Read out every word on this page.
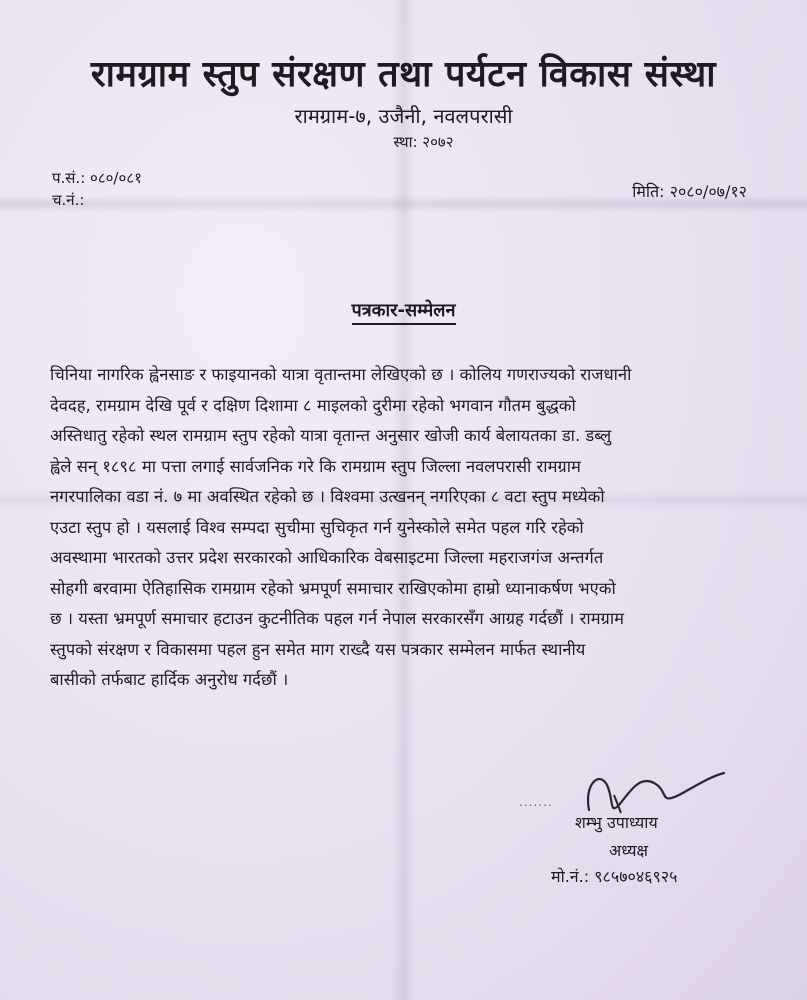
रामग्राम स्तुप संरक्षण तथा पर्यटन विकास संस्था
रामग्राम-७, उजैनी, नवलपरासी
स्था: २०७२
प.सं.: ०८०/०८१
च.नं.:	मिति: २०८०/०७/१२
पत्रकार-सम्मेलन
चिनिया नागरिक ह्वेनसाङ र फाइयानको यात्रा वृतान्तमा लेखिएको छ । कोलिय गणराज्यको राजधानी
देवदह, रामग्राम देखि पूर्व र दक्षिण दिशामा ८ माइलको दुरीमा रहेको भगवान गौतम बुद्धको
अस्तिधातु रहेको स्थल रामग्राम स्तुप रहेको यात्रा वृतान्त अनुसार खोजी कार्य बेलायतका डा. डब्लु
ह्वेले सन् १८९८ मा पत्ता लगाई सार्वजनिक गरे कि रामग्राम स्तुप जिल्ला नवलपरासी रामग्राम
नगरपालिका वडा नं. ७ मा अवस्थित रहेको छ । विश्वमा उत्खनन् नगरिएका ८ वटा स्तुप मध्येको
एउटा स्तुप हो । यसलाई विश्व सम्पदा सुचीमा सुचिकृत गर्न युनेस्कोले समेत पहल गरि रहेको
अवस्थामा भारतको उत्तर प्रदेश सरकारको आधिकारिक वेबसाइटमा जिल्ला महराजगंज अन्तर्गत
सोहगी बरवामा ऐतिहासिक रामग्राम रहेको भ्रमपूर्ण समाचार राखिएकोमा हाम्रो ध्यानाकर्षण भएको
छ । यस्ता भ्रमपूर्ण समाचार हटाउन कुटनीतिक पहल गर्न नेपाल सरकारसँग आग्रह गर्दछौं । रामग्राम
स्तुपको संरक्षण र विकासमा पहल हुन समेत माग राख्दै यस पत्रकार सम्मेलन मार्फत स्थानीय
बासीको तर्फबाट हार्दिक अनुरोध गर्दछौं ।
.......
शम्भु उपाध्याय
अध्यक्ष
मो.नं.: ९८५७०४६९२५
